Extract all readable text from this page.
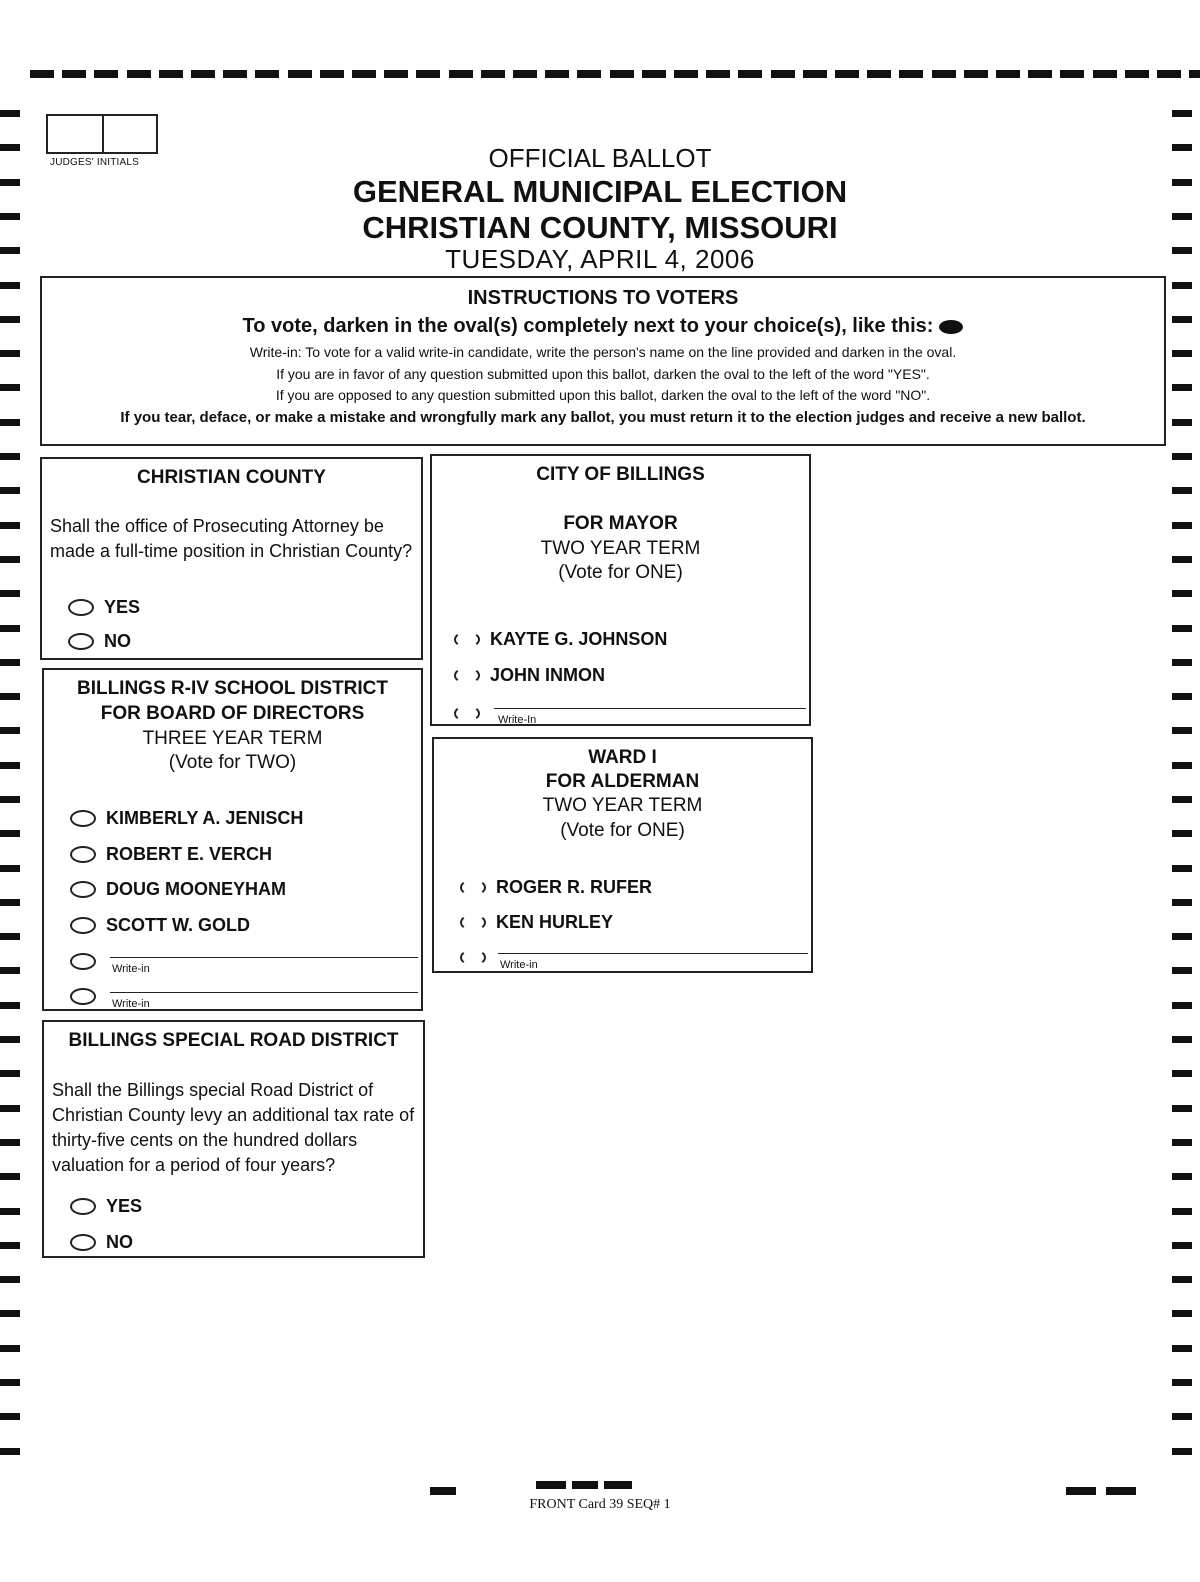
JUDGES' INITIALS	OFFICIAL BALLOT
GENERAL MUNICIPAL ELECTION
CHRISTIAN COUNTY, MISSOURI
TUESDAY, APRIL 4, 2006
INSTRUCTIONS TO VOTERS
To vote, darken in the oval(s) completely next to your choice(s), like this:
Write-in: To vote for a valid write-in candidate, write the person's name on the line provided and darken in the oval.
If you are in favor of any question submitted upon this ballot, darken the oval to the left of the word "YES".
If you are opposed to any question submitted upon this ballot, darken the oval to the left of the word "NO".
If you tear, deface, or make a mistake and wrongfully mark any ballot, you must return it to the election judges and receive a new ballot.
CHRISTIAN COUNTY
Shall the office of Prosecuting Attorney be
made a full-time position in Christian County?
YES
NO
BILLINGS R-IV SCHOOL DISTRICT
FOR BOARD OF DIRECTORS
THREE YEAR TERM
(Vote for TWO)
KIMBERLY A. JENISCH
ROBERT E. VERCH
DOUG MOONEYHAM
SCOTT W. GOLD
Write-in
Write-in
BILLINGS SPECIAL ROAD DISTRICT
Shall the Billings special Road District of
Christian County levy an additional tax rate of
thirty-five cents on the hundred dollars
valuation for a period of four years?
YES
NO
CITY OF BILLINGS
FOR MAYOR
TWO YEAR TERM
(Vote for ONE)
KAYTE G. JOHNSON
JOHN INMON
Write-In
WARD I
FOR ALDERMAN
TWO YEAR TERM
(Vote for ONE)
ROGER R. RUFER
KEN HURLEY
Write-in
FRONT Card 39 SEQ# 1
